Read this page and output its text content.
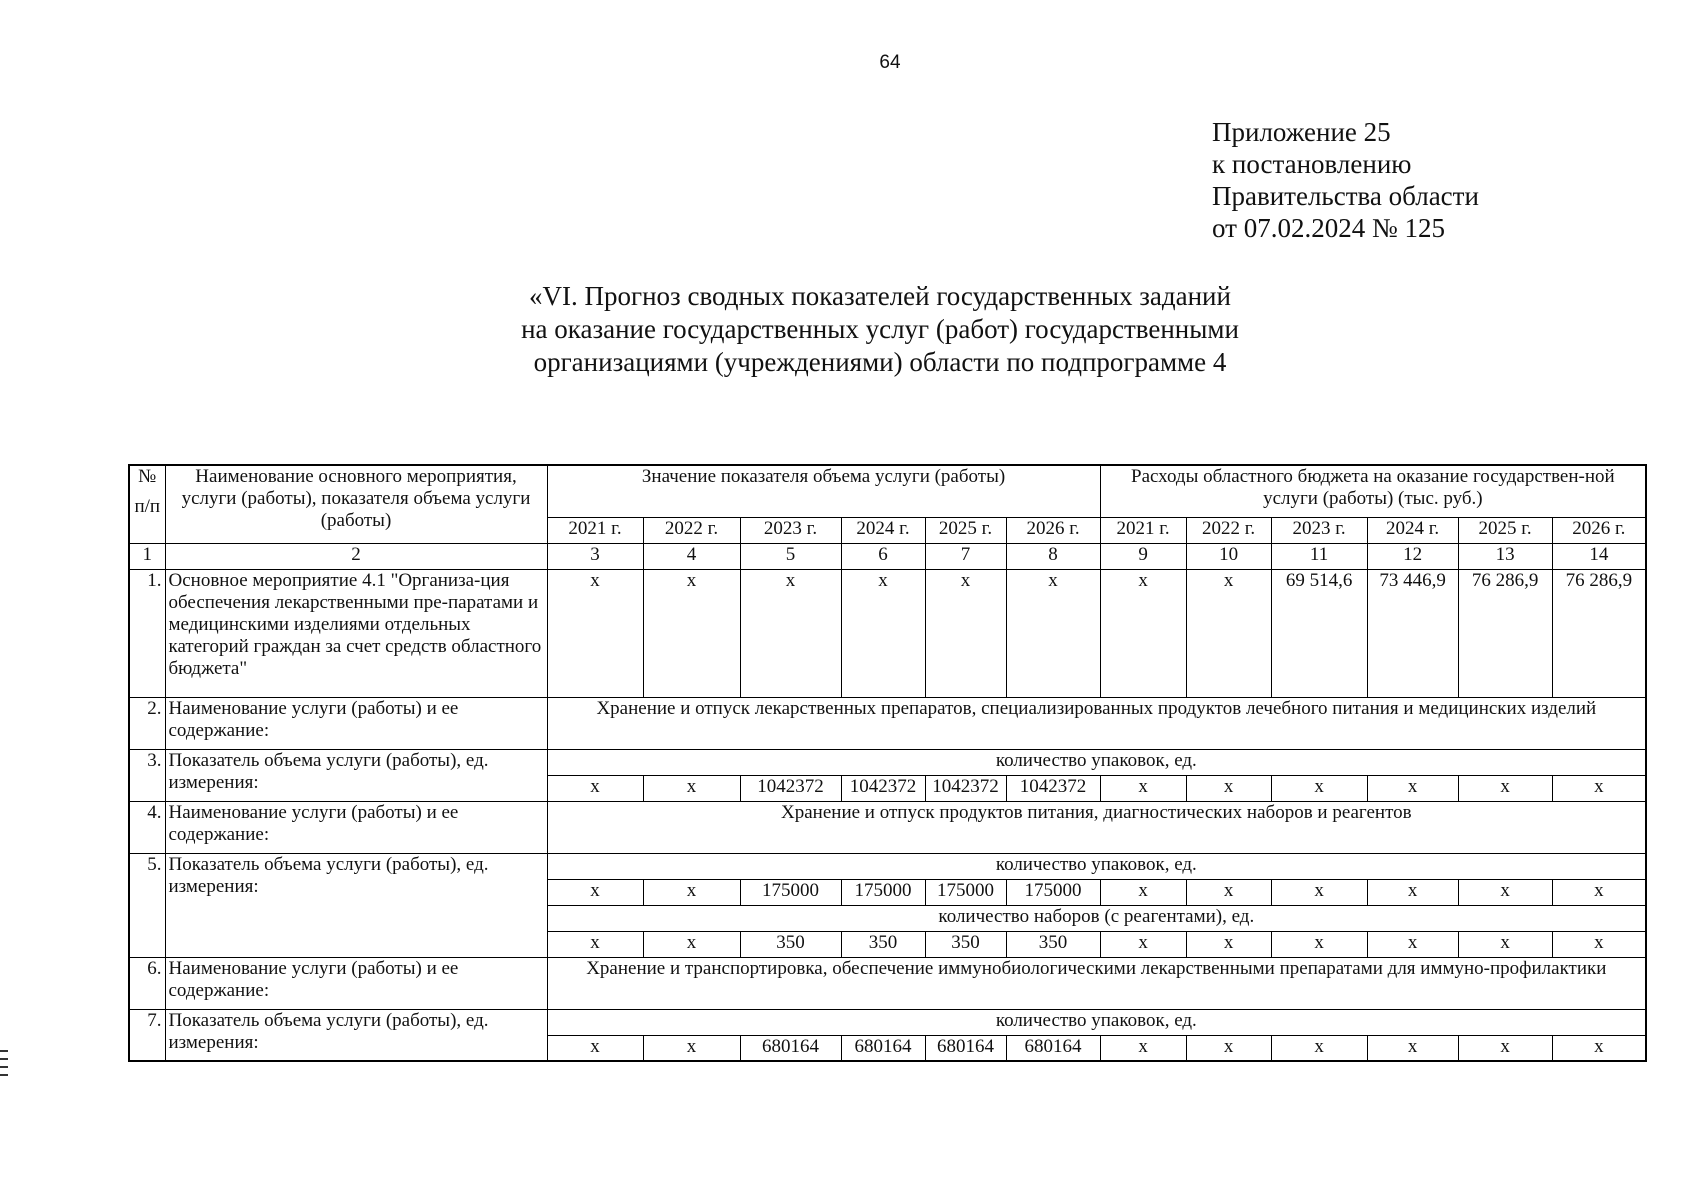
64
Приложение 25
к постановлению
Правительства области
от 07.02.2024 № 125
«VI. Прогноз сводных показателей государственных заданий
на оказание государственных услуг (работ) государственными
организациями (учреждениями) области по подпрограмме 4
№
п/п	Наименование основного мероприятия, услуги (работы), показателя объема услуги (работы)	Значение показателя объема услуги (работы)						Расходы областного бюджета на оказание государствен-ной услуги (работы) (тыс. руб.)					
		2021 г.	2022 г.	2023 г.	2024 г.	2025 г.	2026 г.	2021 г.	2022 г.	2023 г.	2024 г.	2025 г.	2026 г.
1	2	3	4	5	6	7	8	9	10	11	12	13	14
1.	Основное мероприятие 4.1 "Организа-ция обеспечения лекарственными пре-паратами и медицинскими изделиями отдельных категорий граждан за счет средств областного бюджета"	х	х	х	х	х	х	х	х	69 514,6	73 446,9	76 286,9	76 286,9
2.	Наименование услуги (работы) и ее содержание:	Хранение и отпуск лекарственных препаратов, специализированных продуктов лечебного питания и медицинских изделий											
3.	Показатель объема услуги (работы), ед. измерения:	количество упаковок, ед.											
		х	х	1042372	1042372	1042372	1042372	х	х	х	х	х	х
4.	Наименование услуги (работы) и ее содержание:	Хранение и отпуск продуктов питания, диагностических наборов и реагентов											
5.	Показатель объема услуги (работы), ед. измерения:	количество упаковок, ед.											
		х	х	175000	175000	175000	175000	х	х	х	х	х	х
		количество наборов (с реагентами), ед.											
		х	х	350	350	350	350	х	х	х	х	х	х
6.	Наименование услуги (работы) и ее содержание:	Хранение и транспортировка, обеспечение иммунобиологическими лекарственными препаратами для иммуно-профилактики											
7.	Показатель объема услуги (работы), ед. измерения:	количество упаковок, ед.											
		х	х	680164	680164	680164	680164	х	х	х	х	х	х
